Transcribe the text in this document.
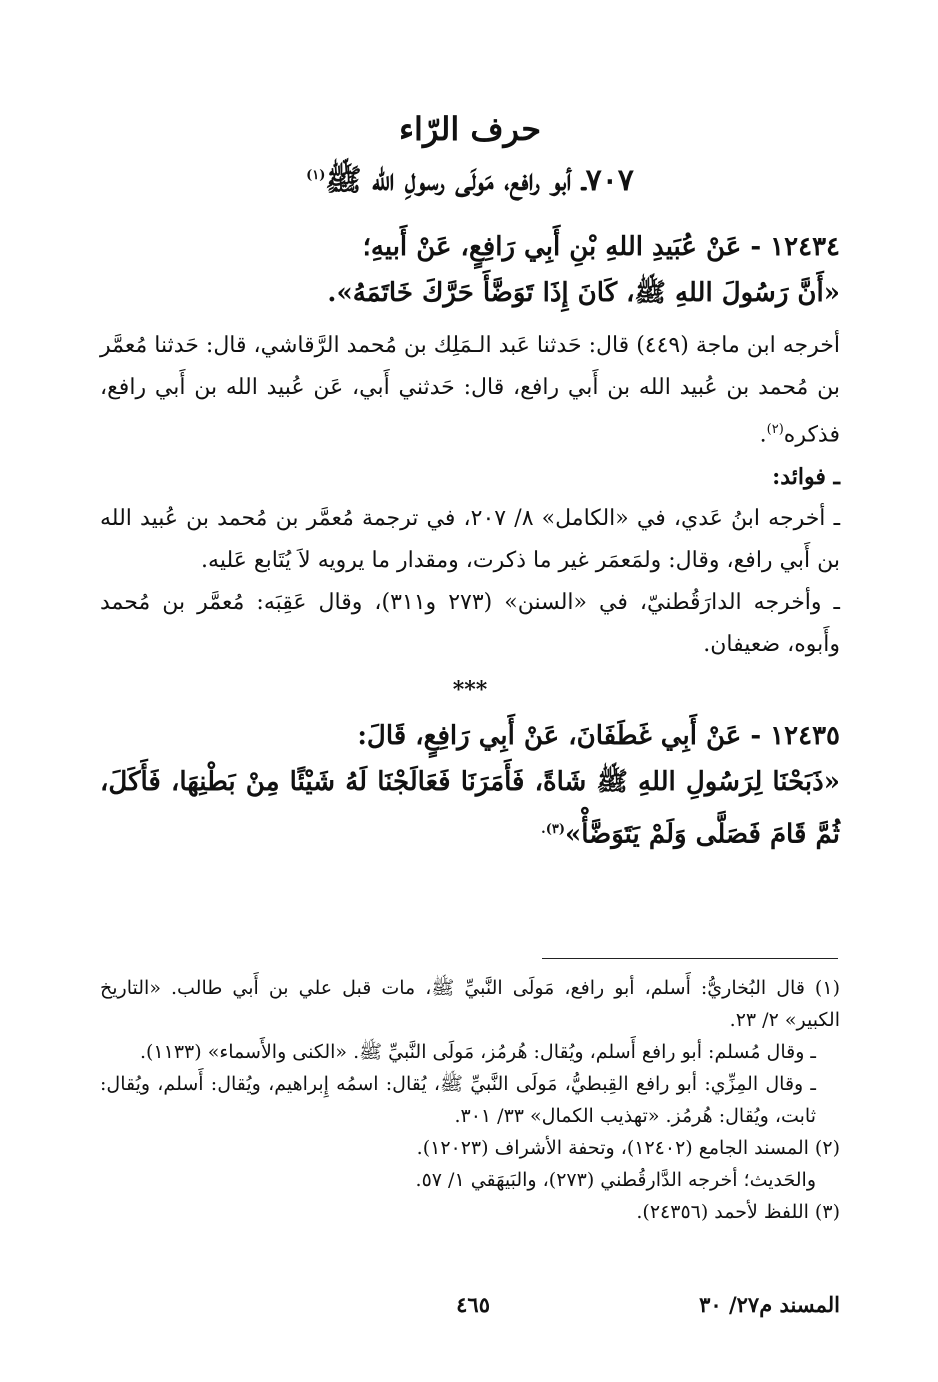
حرف الرّاء
٧٠٧ـ أبو رافع، مَولَى رسولِ الله ﷺ$^{(١)}$

١٢٤٣٤ - عَنْ عُبَيدِ اللهِ بْنِ أَبِي رَافِعٍ، عَنْ أَبيهِ؛

«أَنَّ رَسُولَ اللهِ ﷺ، كَانَ إِذَا تَوَضَّأَ حَرَّكَ خَاتَمَهُ».

أخرجه ابن ماجة (٤٤٩) قال: حَدثنا عَبد الـمَلِك بن مُحمد الرَّقاشي، قال: حَدثنا مُعمَّر بن مُحمد بن عُبيد الله بن أَبي رافع، قال: حَدثني أَبي، عَن عُبيد الله بن أَبي رافع، فذكره$^{(٢)}$.

ـ فوائد:

ـ أخرجه ابنُ عَدي، في «الكامل» ٨/ ٢٠٧، في ترجمة مُعمَّر بن مُحمد بن عُبيد الله بن أَبي رافع، وقال: ولمَعمَر غير ما ذكرت، ومقدار ما يرويه لاَ يُتَابع عَليه.

ـ وأخرجه الدارَقُطنيّ، في «السنن» (٢٧٣ و٣١١)، وقال عَقِبَه: مُعمَّر بن مُحمد وأَبوه، ضعيفان.

***

١٢٤٣٥ - عَنْ أَبِي غَطَفَانَ، عَنْ أَبِي رَافِعٍ، قَالَ:

«ذَبَحْنَا لِرَسُولِ اللهِ ﷺ شَاةً، فَأَمَرَنَا فَعَالَجْنَا لَهُ شَيْئًا مِنْ بَطْنِهَا، فَأَكَلَ، ثُمَّ قَامَ فَصَلَّى وَلَمْ يَتَوَضَّأْ»$^{(٣).}$

(١) قال البُخاريُّ: أَسلم، أبو رافع، مَولَى النَّبيِّ ﷺ، مات قبل علي بن أَبي طالب. «التاريخ الكبير» ٢/ ٢٣.

ـ وقال مُسلم: أبو رافع أَسلم، ويُقال: هُرمُز، مَولَى النَّبيِّ ﷺ. «الكنى والأَسماء» (١١٣٣).

ـ وقال المِزِّي: أبو رافع القِبطيُّ، مَولَى النَّبيِّ ﷺ، يُقال: اسمُه إِبراهيم، ويُقال: أَسلم، ويُقال: ثابت، ويُقال: هُرمُز. «تهذيب الكمال» ٣٣/ ٣٠١.

(٢) المسند الجامع (١٢٤٠٢)، وتحفة الأشراف (١٢٠٢٣).

والحَديث؛ أخرجه الدَّارقُطني (٢٧٣)، والبَيهَقي ١/ ٥٧.

(٣) اللفظ لأحمد (٢٤٣٥٦).

المسند م٢٧/ ٣٠
٤٦٥
